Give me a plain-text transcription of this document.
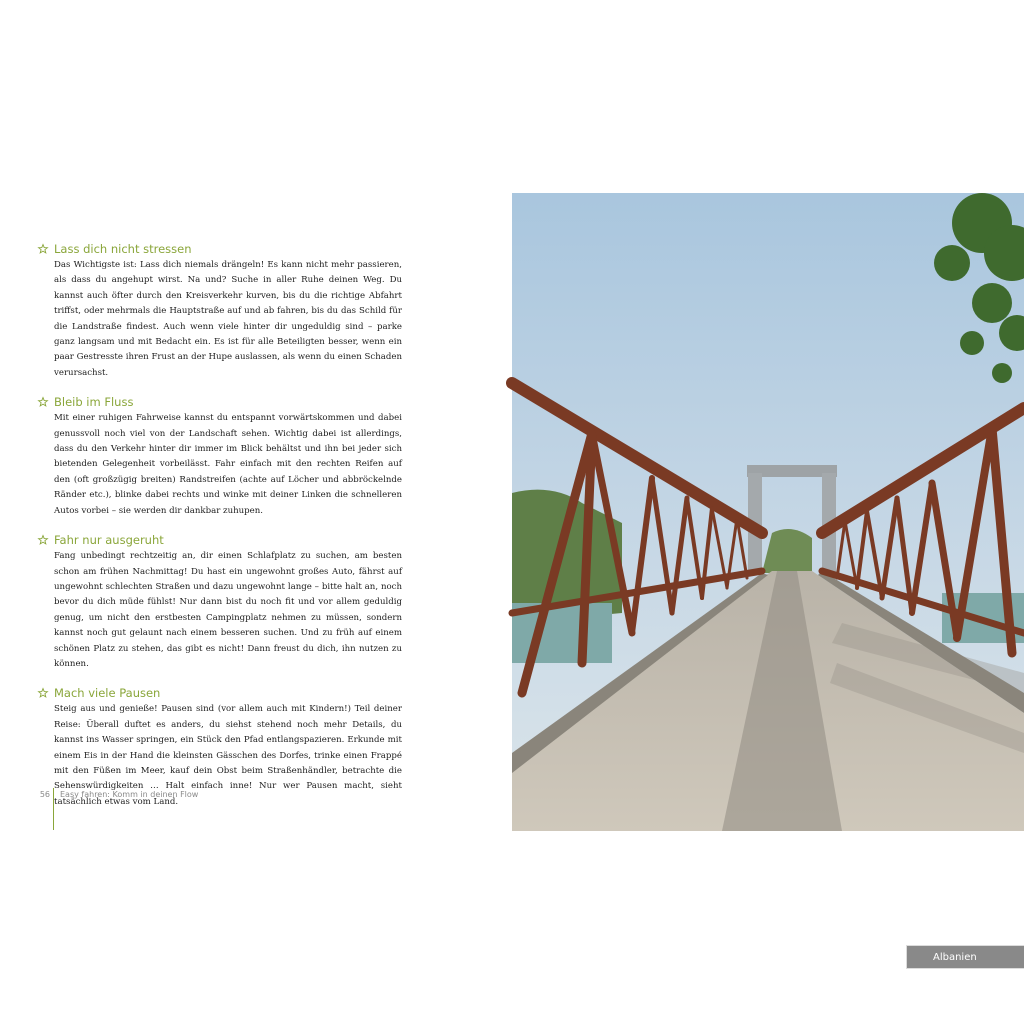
Lass dich nicht stressen
Das Wichtigste ist: Lass dich niemals drängeln! Es kann nicht mehr passieren, als dass du angehupt wirst. Na und? Suche in aller Ruhe deinen Weg. Du kannst auch öfter durch den Kreisverkehr kurven, bis du die richtige Abfahrt triffst, oder mehrmals die Hauptstraße auf und ab fahren, bis du das Schild für die Landstraße findest. Auch wenn viele hinter dir ungeduldig sind – parke ganz langsam und mit Bedacht ein. Es ist für alle Beteiligten besser, wenn ein paar Gestresste ihren Frust an der Hupe auslassen, als wenn du einen Schaden verursachst.
Bleib im Fluss
Mit einer ruhigen Fahrweise kannst du entspannt vorwärtskommen und dabei genussvoll noch viel von der Landschaft sehen. Wichtig dabei ist allerdings, dass du den Verkehr hinter dir immer im Blick behältst und ihn bei jeder sich bietenden Gelegenheit vorbeilässt. Fahr einfach mit den rechten Reifen auf den (oft großzügig breiten) Randstreifen (achte auf Löcher und abbröckelnde Ränder etc.), blinke dabei rechts und winke mit deiner Linken die schnelleren Autos vorbei – sie werden dir dankbar zuhupen.
Fahr nur ausgeruht
Fang unbedingt rechtzeitig an, dir einen Schlafplatz zu suchen, am besten schon am frühen Nachmittag! Du hast ein ungewohnt großes Auto, fährst auf ungewohnt schlechten Straßen und dazu ungewohnt lange – bitte halt an, noch bevor du dich müde fühlst! Nur dann bist du noch fit und vor allem geduldig genug, um nicht den erstbesten Campingplatz nehmen zu müssen, sondern kannst noch gut gelaunt nach einem besseren suchen. Und zu früh auf einem schönen Platz zu stehen, das gibt es nicht! Dann freust du dich, ihn nutzen zu können.
Mach viele Pausen
Steig aus und genieße! Pausen sind (vor allem auch mit Kindern!) Teil deiner Reise: Überall duftet es anders, du siehst stehend noch mehr Details, du kannst ins Wasser springen, ein Stück den Pfad entlangspazieren. Erkunde mit einem Eis in der Hand die kleinsten Gässchen des Dorfes, trinke einen Frappé mit den Füßen im Meer, kauf dein Obst beim Straßenhändler, betrachte die Sehenswürdigkeiten … Halt einfach inne! Nur wer Pausen macht, sieht tatsächlich etwas vom Land.
56 Easy fahren: Komm in deinen Flow
Albanien
